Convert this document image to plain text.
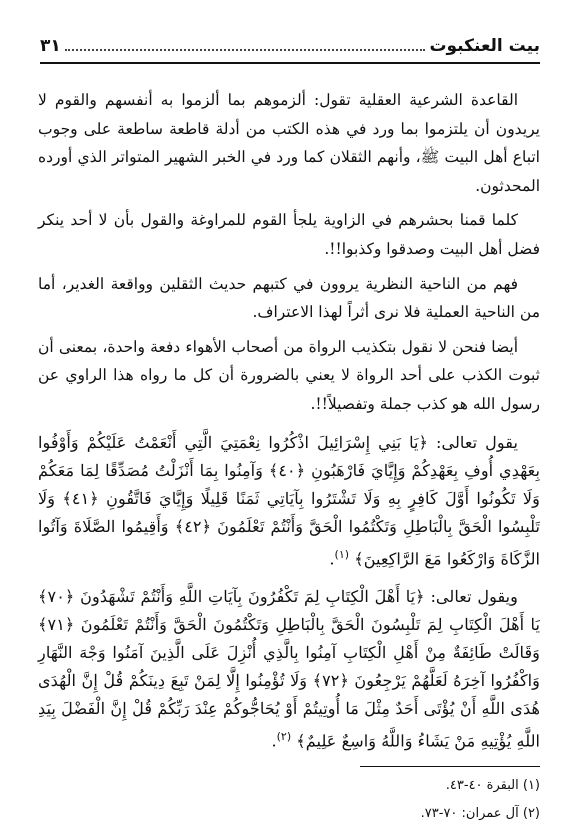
بيت العنكبوت
٣١

القاعدة الشرعية العقلية تقول: ألزموهم بما ألزموا به أنفسهم والقوم لا يريدون أن يلتزموا بما ورد في هذه الكتب من أدلة قاطعة ساطعة على وجوب اتباع أهل البيت ﷺ، وأنهم الثقلان كما ورد في الخبر الشهير المتواتر الذي أورده المحدثون.

كلما قمنا بحشرهم في الزاوية يلجأ القوم للمراوغة والقول بأن لا أحد ينكر فضل أهل البيت وصدقوا وكذبوا!!.

فهم من الناحية النظرية يروون في كتبهم حديث الثقلين وواقعة الغدير، أما من الناحية العملية فلا نرى أثراً لهذا الاعتراف.

أيضا فنحن لا نقول بتكذيب الرواة من أصحاب الأهواء دفعة واحدة، بمعنى أن ثبوت الكذب على أحد الرواة لا يعني بالضرورة أن كل ما رواه هذا الراوي عن رسول الله هو كذب جملة وتفصيلاً!!.

يقول تعالى: ﴿يَا بَنِي إِسْرَائِيلَ اذْكُرُوا نِعْمَتِيَ الَّتِي أَنْعَمْتُ عَلَيْكُمْ وَأَوْفُوا بِعَهْدِي أُوفِ بِعَهْدِكُمْ وَإِيَّايَ فَارْهَبُونِ ﴿٤٠﴾ وَآمِنُوا بِمَا أَنْزَلْتُ مُصَدِّقًا لِمَا مَعَكُمْ وَلَا تَكُونُوا أَوَّلَ كَافِرٍ بِهِ وَلَا تَشْتَرُوا بِآيَاتِي ثَمَنًا قَلِيلًا وَإِيَّايَ فَاتَّقُونِ ﴿٤١﴾ وَلَا تَلْبِسُوا الْحَقَّ بِالْبَاطِلِ وَتَكْتُمُوا الْحَقَّ وَأَنْتُمْ تَعْلَمُونَ ﴿٤٢﴾ وَأَقِيمُوا الصَّلَاةَ وَآتُوا الزَّكَاةَ وَارْكَعُوا مَعَ الرَّاكِعِينَ﴾ $^{(١)}$.

ويقول تعالى: ﴿يَا أَهْلَ الْكِتَابِ لِمَ تَكْفُرُونَ بِآيَاتِ اللَّهِ وَأَنْتُمْ تَشْهَدُونَ ﴿٧٠﴾ يَا أَهْلَ الْكِتَابِ لِمَ تَلْبِسُونَ الْحَقَّ بِالْبَاطِلِ وَتَكْتُمُونَ الْحَقَّ وَأَنْتُمْ تَعْلَمُونَ ﴿٧١﴾ وَقَالَتْ طَائِفَةٌ مِنْ أَهْلِ الْكِتَابِ آمِنُوا بِالَّذِي أُنْزِلَ عَلَى الَّذِينَ آمَنُوا وَجْهَ النَّهَارِ وَاكْفُرُوا آخِرَهُ لَعَلَّهُمْ يَرْجِعُونَ ﴿٧٢﴾ وَلَا تُؤْمِنُوا إِلَّا لِمَنْ تَبِعَ دِينَكُمْ قُلْ إِنَّ الْهُدَى هُدَى اللَّهِ أَنْ يُؤْتَى أَحَدٌ مِثْلَ مَا أُوتِيتُمْ أَوْ يُحَاجُّوكُمْ عِنْدَ رَبِّكُمْ قُلْ إِنَّ الْفَضْلَ بِيَدِ اللَّهِ يُؤْتِيهِ مَنْ يَشَاءُ وَاللَّهُ وَاسِعٌ عَلِيمٌ﴾ $^{(٢)}$.

(١) البقرة ٤٠-٤٣.
(٢) آل عمران: ٧٠-٧٣.
